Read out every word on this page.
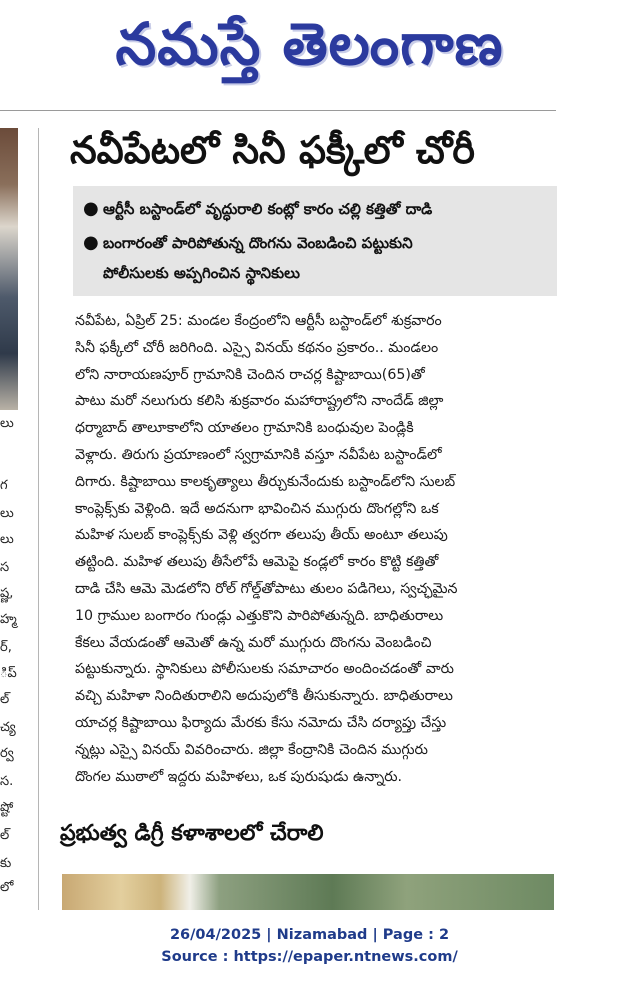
నమస్తే తెలంగాణ
లు
గ
లు
లు
స
ష్ణ,
హ్మ
ర్,
ిప్
ల్
చ్య
ర్వ
స.
ష్టో
ల్
కు
లో
నవీపేటలో సినీ ఫక్కీలో చోరీ
● ఆర్టీసీ బస్టాండ్‌లో వృద్ధురాలి కంట్లో కారం చల్లి కత్తితో దాడి
● బంగారంతో పారిపోతున్న దొంగను వెంబడించి పట్టుకుని
పోలీసులకు అప్పగించిన స్థానికులు
నవీపేట, ఏప్రిల్ 25: మండల కేంద్రంలోని ఆర్టీసీ బస్టాండ్‌లో శుక్రవారం
సినీ ఫక్కీలో చోరీ జరిగింది. ఎస్సై వినయ్ కథనం ప్రకారం.. మండలం
లోని నారాయణపూర్ గ్రామానికి చెందిన రాచర్ల కిష్టాబాయి(65)తో
పాటు మరో నలుగురు కలిసి శుక్రవారం మహారాష్ట్రలోని నాందేడ్ జిల్లా
ధర్మాబాద్ తాలూకాలోని యాతలం గ్రామానికి బంధువుల పెండ్లికి
వెళ్లారు. తిరుగు ప్రయాణంలో స్వగ్రామానికి వస్తూ నవీపేట బస్టాండ్‌లో
దిగారు. కిష్టాబాయి కాలకృత్యాలు తీర్చుకునేందుకు బస్టాండ్‌లోని సులబ్
కాంప్లెక్స్‌కు వెళ్లింది. ఇదే అదనుగా భావించిన ముగ్గురు దొంగల్లోని ఒక
మహిళ సులబ్ కాంప్లెక్స్‌కు వెళ్లి త్వరగా తలుపు తీయ్ అంటూ తలుపు
తట్టింది. మహిళ తలుపు తీసేలోపే ఆమెపై కండ్లలో కారం కొట్టి కత్తితో
దాడి చేసి ఆమె మెడలోని రోల్ గోల్డ్‌తోపాటు తులం పడిగెలు, స్వచ్ఛమైన
10 గ్రాముల బంగారం గుండ్లు ఎత్తుకొని పారిపోతున్నది. బాధితురాలు
కేకలు వేయడంతో ఆమెతో ఉన్న మరో ముగ్గురు దొంగను వెంబడించి
పట్టుకున్నారు. స్థానికులు పోలీసులకు సమాచారం అందించడంతో వారు
వచ్చి మహిళా నిందితురాలిని అదుపులోకి తీసుకున్నారు. బాధితురాలు
యాచర్ల కిష్టాబాయి ఫిర్యాదు మేరకు కేసు నమోదు చేసి దర్యాప్తు చేస్తు
న్నట్లు ఎస్సై వినయ్ వివరించారు. జిల్లా కేంద్రానికి చెందిన ముగ్గురు
దొంగల ముఠాలో ఇద్దరు మహిళలు, ఒక పురుషుడు ఉన్నారు.
ప్రభుత్వ డిగ్రీ కళాశాలలో చేరాలి
26/04/2025 | Nizamabad | Page : 2
Source : https://epaper.ntnews.com/
